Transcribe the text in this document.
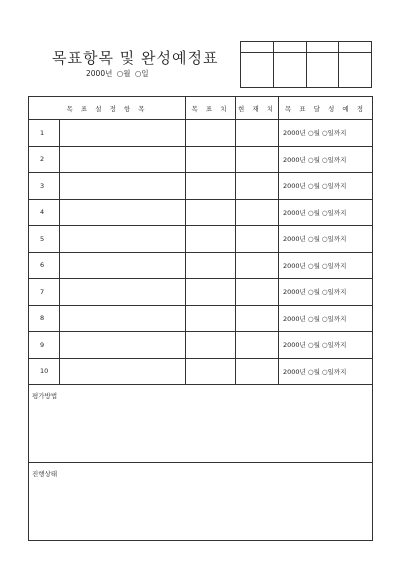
목표항목 및 완성예정표
2000년 ○월 ○일

목 표 설 정 항 목		목 표 치	현 재 치	목 표 달 성 예 정
1				2000년 ○월 ○일까지
2				2000년 ○월 ○일까지
3				2000년 ○월 ○일까지
4				2000년 ○월 ○일까지
5				2000년 ○월 ○일까지
6				2000년 ○월 ○일까지
7				2000년 ○월 ○일까지
8				2000년 ○월 ○일까지
9				2000년 ○월 ○일까지
10				2000년 ○월 ○일까지
평가방법				
진행상태				
